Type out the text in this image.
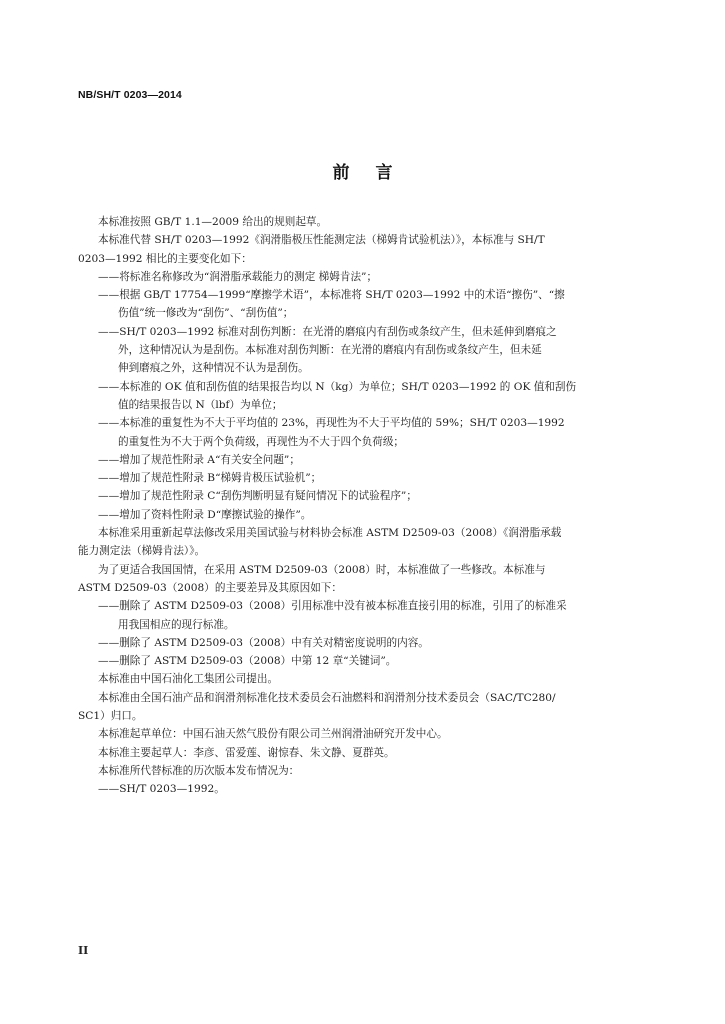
NB/SH/T 0203—2014
前言

本标准按照 GB/T 1.1—2009 给出的规则起草。

本标准代替 SH/T 0203—1992《润滑脂极压性能测定法（梯姆肯试验机法）》，本标准与 SH/T

0203—1992 相比的主要变化如下：

——将标准名称修改为“润滑脂承载能力的测定 梯姆肯法”；

——根据 GB/T 17754—1999“摩擦学术语”，本标准将 SH/T 0203—1992 中的术语“擦伤”、“擦

伤值”统一修改为“刮伤”、“刮伤值”；

——SH/T 0203—1992 标准对刮伤判断：在光滑的磨痕内有刮伤或条纹产生，但未延伸到磨痕之

外，这种情况认为是刮伤。本标准对刮伤判断：在光滑的磨痕内有刮伤或条纹产生，但未延

伸到磨痕之外，这种情况不认为是刮伤。

——本标准的 OK 值和刮伤值的结果报告均以 N（kg）为单位；SH/T 0203—1992 的 OK 值和刮伤

值的结果报告以 N（lbf）为单位；

——本标准的重复性为不大于平均值的 23%，再现性为不大于平均值的 59%；SH/T 0203—1992

的重复性为不大于两个负荷级，再现性为不大于四个负荷级；

——增加了规范性附录 A“有关安全问题”；

——增加了规范性附录 B“梯姆肯极压试验机”；

——增加了规范性附录 C“刮伤判断明显有疑问情况下的试验程序”；

——增加了资料性附录 D“摩擦试验的操作”。

本标准采用重新起草法修改采用美国试验与材料协会标准 ASTM D2509-03（2008）《润滑脂承载

能力测定法（梯姆肯法）》。

为了更适合我国国情，在采用 ASTM D2509-03（2008）时，本标准做了一些修改。本标准与

ASTM D2509-03（2008）的主要差异及其原因如下：

——删除了 ASTM D2509-03（2008）引用标准中没有被本标准直接引用的标准，引用了的标准采

用我国相应的现行标准。

——删除了 ASTM D2509-03（2008）中有关对精密度说明的内容。

——删除了 ASTM D2509-03（2008）中第 12 章“关键词”。

本标准由中国石油化工集团公司提出。

本标准由全国石油产品和润滑剂标准化技术委员会石油燃料和润滑剂分技术委员会（SAC/TC280/

SC1）归口。

本标准起草单位：中国石油天然气股份有限公司兰州润滑油研究开发中心。

本标准主要起草人：李彦、雷爱莲、谢惊春、朱文静、夏群英。

本标准所代替标准的历次版本发布情况为：

——SH/T 0203—1992。

II
